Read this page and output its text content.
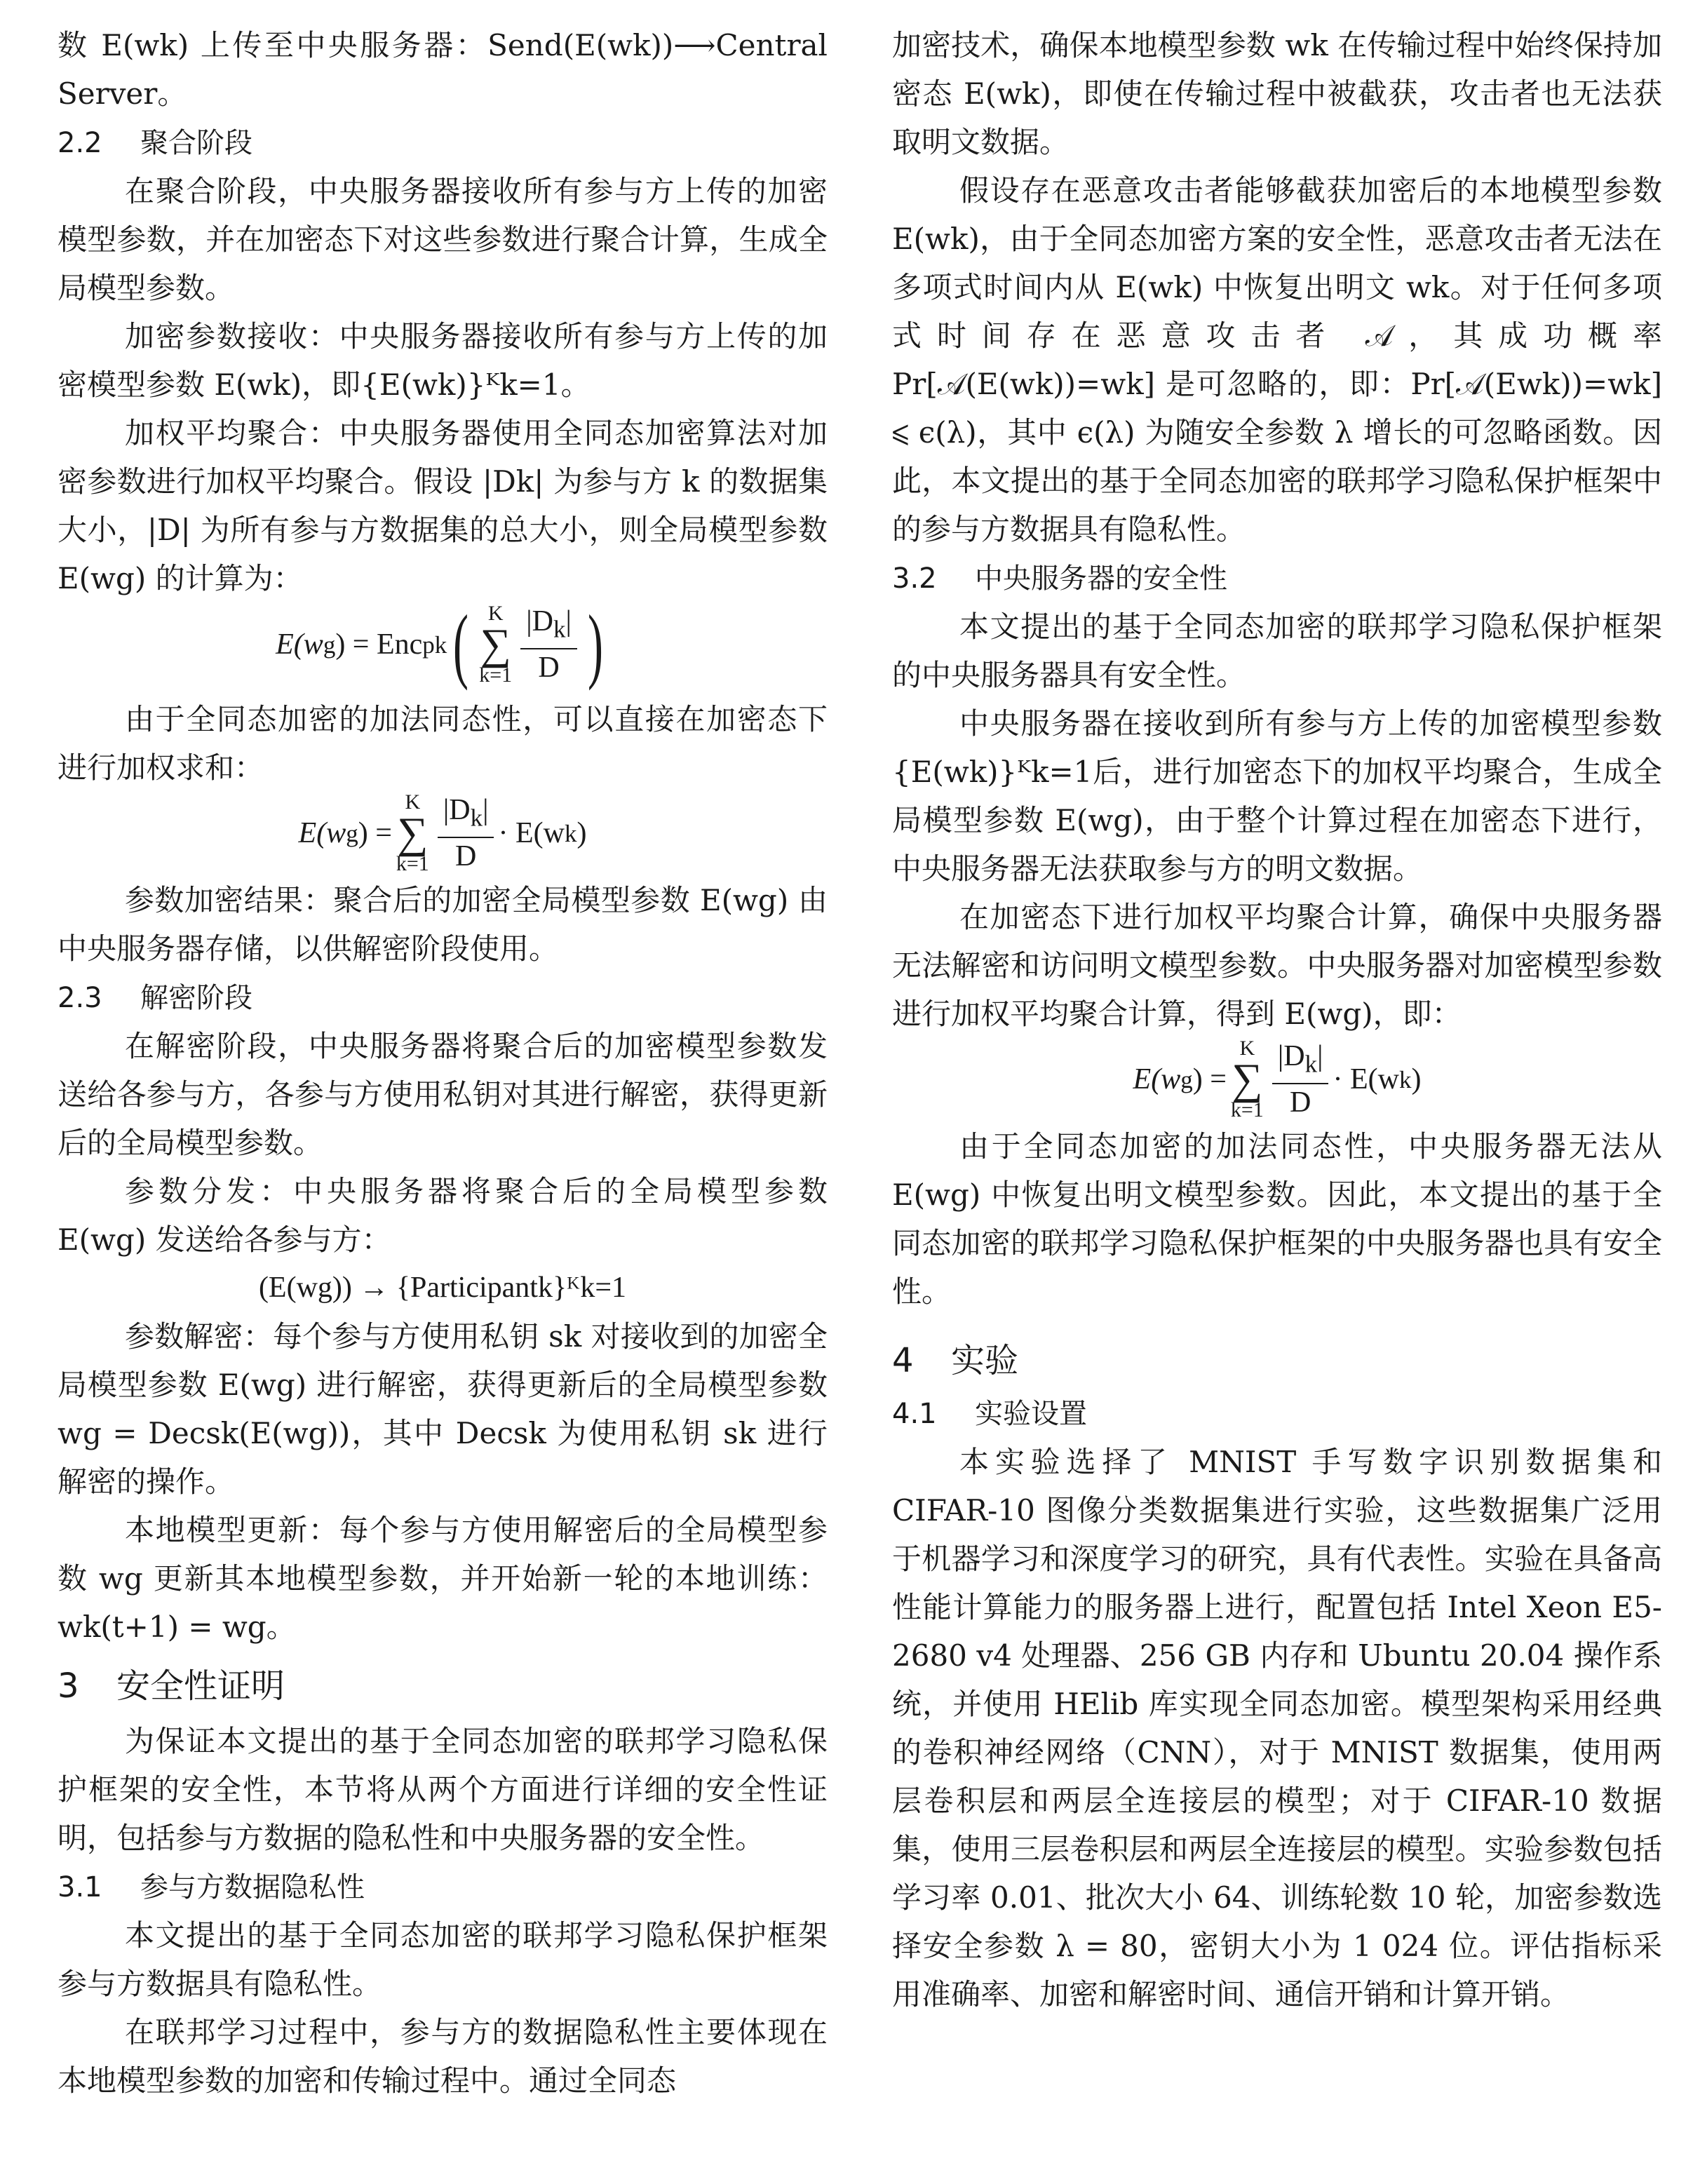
数 E(wk) 上传至中央服务器：Send(E(wk))⟶Central Server。

2.2 聚合阶段

在聚合阶段，中央服务器接收所有参与方上传的加密模型参数，并在加密态下对这些参数进行聚合计算，生成全局模型参数。

加密参数接收：中央服务器接收所有参与方上传的加密模型参数 E(wk)，即{E(wk)}ᴷk=1。

加权平均聚合：中央服务器使用全同态加密算法对加密参数进行加权平均聚合。假设 |Dk| 为参与方 k 的数据集大小，|D| 为所有参与方数据集的总大小，则全局模型参数 E(wg) 的计算为：

E(w g ) = Enc pk ( K
∑
$k=1 \frac{|D_k|}{D}$ )

由于全同态加密的加法同态性，可以直接在加密态下进行加权求和：

E(w g ) =
K
∑
$k=1 \frac{|D_k|}{D} \cdot E(w$ k )

参数加密结果：聚合后的加密全局模型参数 E(wg) 由中央服务器存储，以供解密阶段使用。

2.3 解密阶段

在解密阶段，中央服务器将聚合后的加密模型参数发送给各参与方，各参与方使用私钥对其进行解密，获得更新后的全局模型参数。

参数分发：中央服务器将聚合后的全局模型参数 E(wg) 发送给各参与方：

(E(wg)) → {Participantk}ᴷk=1

参数解密：每个参与方使用私钥 sk 对接收到的加密全局模型参数 E(wg) 进行解密，获得更新后的全局模型参数 wg = Decsk(E(wg))，其中 Decsk 为使用私钥 sk 进行解密的操作。

本地模型更新：每个参与方使用解密后的全局模型参数 wg 更新其本地模型参数，并开始新一轮的本地训练：wk(t+1) = wg。

3 安全性证明

为保证本文提出的基于全同态加密的联邦学习隐私保护框架的安全性，本节将从两个方面进行详细的安全性证明，包括参与方数据的隐私性和中央服务器的安全性。

3.1 参与方数据隐私性

本文提出的基于全同态加密的联邦学习隐私保护框架参与方数据具有隐私性。

在联邦学习过程中，参与方的数据隐私性主要体现在本地模型参数的加密和传输过程中。通过全同态

加密技术，确保本地模型参数 wk 在传输过程中始终保持加密态 E(wk)，即使在传输过程中被截获，攻击者也无法获取明文数据。

假设存在恶意攻击者能够截获加密后的本地模型参数 E(wk)，由于全同态加密方案的安全性，恶意攻击者无法在多项式时间内从 E(wk) 中恢复出明文 wk。对于任何多项式时间存在恶意攻击者 𝒜，其成功概率 Pr[𝒜(E(wk))=wk] 是可忽略的，即：Pr[𝒜(Ewk))=wk] ⩽ ϵ(λ)，其中 ϵ(λ) 为随安全参数 λ 增长的可忽略函数。因此，本文提出的基于全同态加密的联邦学习隐私保护框架中的参与方数据具有隐私性。

3.2 中央服务器的安全性

本文提出的基于全同态加密的联邦学习隐私保护框架的中央服务器具有安全性。

中央服务器在接收到所有参与方上传的加密模型参数{E(wk)}ᴷk=1后，进行加密态下的加权平均聚合，生成全局模型参数 E(wg)，由于整个计算过程在加密态下进行，中央服务器无法获取参与方的明文数据。

在加密态下进行加权平均聚合计算，确保中央服务器无法解密和访问明文模型参数。中央服务器对加密模型参数进行加权平均聚合计算，得到 E(wg)，即：

E(w g ) =
K
∑
$k=1 \frac{|D_k|}{D} \cdot E(w$ k )

由于全同态加密的加法同态性，中央服务器无法从 E(wg) 中恢复出明文模型参数。因此，本文提出的基于全同态加密的联邦学习隐私保护框架的中央服务器也具有安全性。

4 实验
4.1 实验设置

本实验选择了 MNIST 手写数字识别数据集和 CIFAR-10 图像分类数据集进行实验，这些数据集广泛用于机器学习和深度学习的研究，具有代表性。实验在具备高性能计算能力的服务器上进行，配置包括 Intel Xeon E5-2680 v4 处理器、256 GB 内存和 Ubuntu 20.04 操作系统，并使用 HElib 库实现全同态加密。模型架构采用经典的卷积神经网络（CNN），对于 MNIST 数据集，使用两层卷积层和两层全连接层的模型；对于 CIFAR-10 数据集，使用三层卷积层和两层全连接层的模型。实验参数包括学习率 0.01、批次大小 64、训练轮数 10 轮，加密参数选择安全参数 λ = 80，密钥大小为 1 024 位。评估指标采用准确率、加密和解密时间、通信开销和计算开销。
